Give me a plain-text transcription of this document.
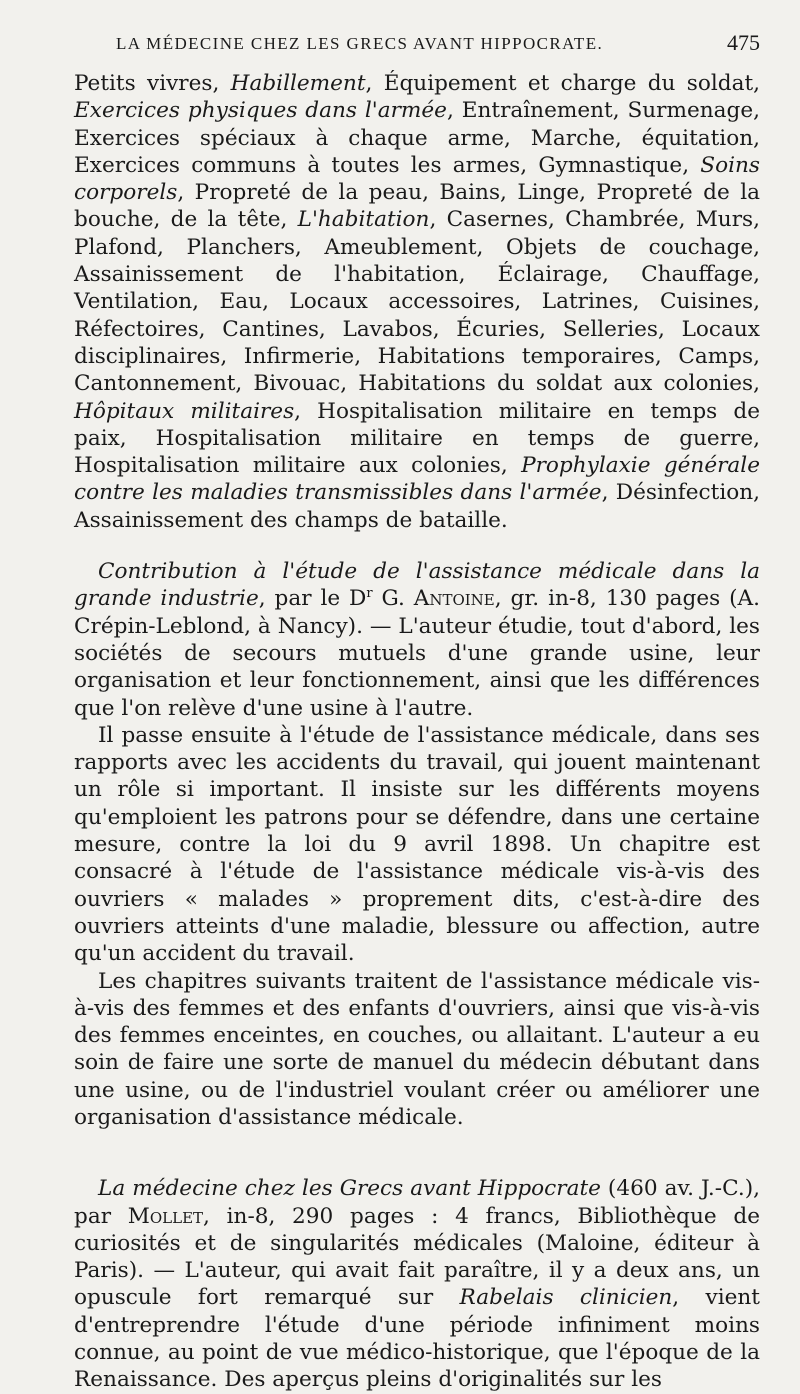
LA MÉDECINE CHEZ LES GRECS AVANT HIPPOCRATE.	475

Petits vivres, Habillement, Équipement et charge du soldat, Exercices physiques dans l'armée, Entraînement, Surmenage, Exercices spéciaux à chaque arme, Marche, équitation, Exercices communs à toutes les armes, Gymnastique, Soins corporels, Propreté de la peau, Bains, Linge, Propreté de la bouche, de la tête, L'habitation, Casernes, Chambrée, Murs, Plafond, Planchers, Ameublement, Objets de couchage, Assainissement de l'habitation, Éclairage, Chauffage, Ventilation, Eau, Locaux accessoires, Latrines, Cuisines, Réfectoires, Cantines, Lavabos, Écuries, Selleries, Locaux disciplinaires, Infirmerie, Habitations temporaires, Camps, Cantonnement, Bivouac, Habitations du soldat aux colonies, Hôpitaux militaires, Hospitalisation militaire en temps de paix, Hospitalisation militaire en temps de guerre, Hospitalisation militaire aux colonies, Prophylaxie générale contre les maladies transmissibles dans l'armée, Désinfection, Assainissement des champs de bataille.

Contribution à l'étude de l'assistance médicale dans la grande industrie, par le $D^r$ G. Antoine, gr. in-8, 130 pages (A. Crépin-Leblond, à Nancy). — L'auteur étudie, tout d'abord, les sociétés de secours mutuels d'une grande usine, leur organisation et leur fonctionnement, ainsi que les différences que l'on relève d'une usine à l'autre.

Il passe ensuite à l'étude de l'assistance médicale, dans ses rapports avec les accidents du travail, qui jouent maintenant un rôle si important. Il insiste sur les différents moyens qu'emploient les patrons pour se défendre, dans une certaine mesure, contre la loi du 9 avril 1898. Un chapitre est consacré à l'étude de l'assistance médicale vis-à-vis des ouvriers « malades » proprement dits, c'est-à-dire des ouvriers atteints d'une maladie, blessure ou affection, autre qu'un accident du travail.

Les chapitres suivants traitent de l'assistance médicale vis-à-vis des femmes et des enfants d'ouvriers, ainsi que vis-à-vis des femmes enceintes, en couches, ou allaitant. L'auteur a eu soin de faire une sorte de manuel du médecin débutant dans une usine, ou de l'industriel voulant créer ou améliorer une organisation d'assistance médicale.

La médecine chez les Grecs avant Hippocrate (460 av. J.-C.), par Mollet, in-8, 290 pages : 4 francs, Bibliothèque de curiosités et de singularités médicales (Maloine, éditeur à Paris). — L'auteur, qui avait fait paraître, il y a deux ans, un opuscule fort remarqué sur Rabelais clinicien, vient d'entreprendre l'étude d'une période infiniment moins connue, au point de vue médico-historique, que l'époque de la Renaissance. Des aperçus pleins d'originalités sur les
